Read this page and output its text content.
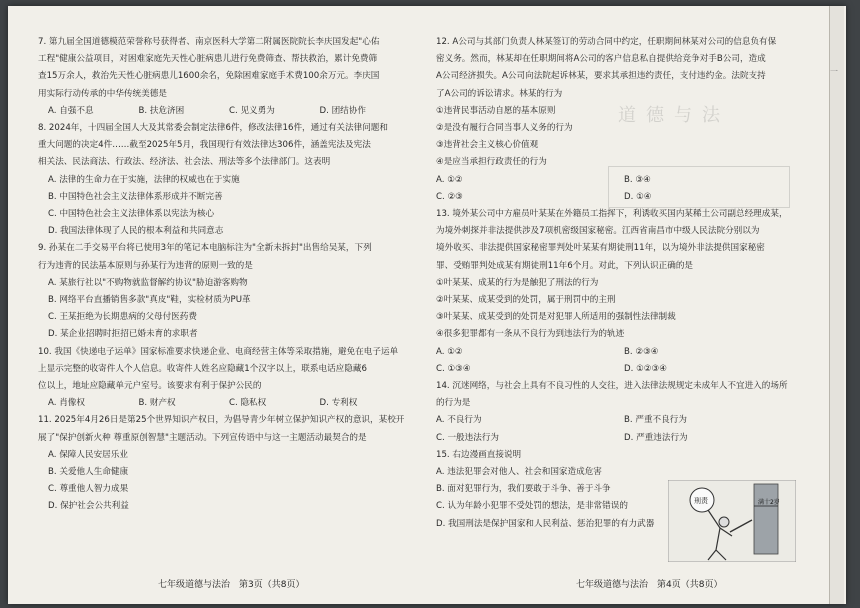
道德与法

7. 第九届全国道德模范荣誉称号获得者、南京医科大学第二附属医院院长李庆国发起"心佑

工程"健康公益项目，对困难家庭先天性心脏病患儿进行免费筛查、帮扶救治，累计免费筛

查15万余人，救治先天性心脏病患儿1600余名，免除困难家庭手术费100余万元。李庆国

用实际行动传承的中华传统美德是

A. 自强不息	B. 扶危济困	C. 见义勇为	D. 团结协作

8. 2024年，十四届全国人大及其常委会制定法律6件，修改法律16件，通过有关法律问题和

重大问题的决定4件……截至2025年5月，我国现行有效法律达306件，涵盖宪法及宪法

相关法、民法商法、行政法、经济法、社会法、刑法等多个法律部门。这表明

A. 法律的生命力在于实施，法律的权威也在于实施

B. 中国特色社会主义法律体系形成并不断完善

C. 中国特色社会主义法律体系以宪法为核心

D. 我国法律体现了人民的根本利益和共同意志

9. 孙某在二手交易平台将已使用3年的笔记本电脑标注为"全新未拆封"出售给吴某，下列

行为违背的民法基本原则与孙某行为违背的原则一致的是

A. 某旅行社以"不购物就监督解约协议"胁迫游客购物

B. 网络平台直播销售多款"真皮"鞋，实检材质为PU革

C. 王某拒绝为长期患病的父母付医药费

D. 某企业招聘时拒招已婚未育的求职者

10. 我国《快递电子运单》国家标准要求快递企业、电商经营主体等采取措施，避免在电子运单

上显示完整的收寄件人个人信息。收寄件人姓名应隐藏1个汉字以上，联系电话应隐藏6

位以上，地址应隐藏单元户室号。该要求有利于保护公民的

A. 肖像权	B. 财产权	C. 隐私权	D. 专利权

11. 2025年4月26日是第25个世界知识产权日，为倡导青少年树立保护知识产权的意识，某校开

展了"保护创新火种 尊重原创智慧"主题活动。下列宣传语中与这一主题活动最契合的是

A. 保障人民安居乐业

B. 关爱他人生命健康

C. 尊重他人智力成果

D. 保护社会公共利益

12. A公司与其部门负责人林某签订的劳动合同中约定，任职期间林某对公司的信息负有保

密义务。然而，林某却在任职期间将A公司的客户信息私自提供给竞争对手B公司，造成

A公司经济损失。A公司向法院起诉林某，要求其承担违约责任，支付违约金。法院支持

了A公司的诉讼请求。林某的行为

①违背民事活动自愿的基本原则

②是没有履行合同当事人义务的行为

③违背社会主义核心价值观

④是应当承担行政责任的行为

A. ①②	B. ③④

C. ②③	D. ①④

13. 境外某公司中方雇员叶某某在外籍员工指挥下，利诱收买国内某稀土公司副总经理成某，

为境外刺探并非法提供涉及7项机密级国家秘密。江西省南昌市中级人民法院分别以为

境外收买、非法提供国家秘密罪判处叶某某有期徒刑11年，以为境外非法提供国家秘密

罪、受贿罪判处成某有期徒刑11年6个月。对此，下列认识正确的是

①叶某某、成某的行为是触犯了刑法的行为

②叶某某、成某受到的处罚，属于刑罚中的主刑

③叶某某、成某受到的处罚是对犯罪人所适用的强制性法律制裁

④很多犯罪都有一条从不良行为到违法行为的轨迹

A. ①②	B. ②③④

C. ①③④	D. ①②③④

14. 沉迷网络，与社会上具有不良习性的人交往，进入法律法规规定未成年人不宜进入的场所

的行为是

A. 不良行为	B. 严重不良行为

C. 一般违法行为	D. 严重违法行为

15. 右边漫画直接说明

A. 违法犯罪会对他人、社会和国家造成危害

B. 面对犯罪行为，我们要敢于斗争、善于斗争

C. 认为年龄小犯罪不受处罚的想法，是非常错误的

D. 我国刑法是保护国家和人民利益、惩治犯罪的有力武器

满十2岁
刑责
七年级道德与法治　第3页（共8页）	七年级道德与法治　第4页（共8页）
一
